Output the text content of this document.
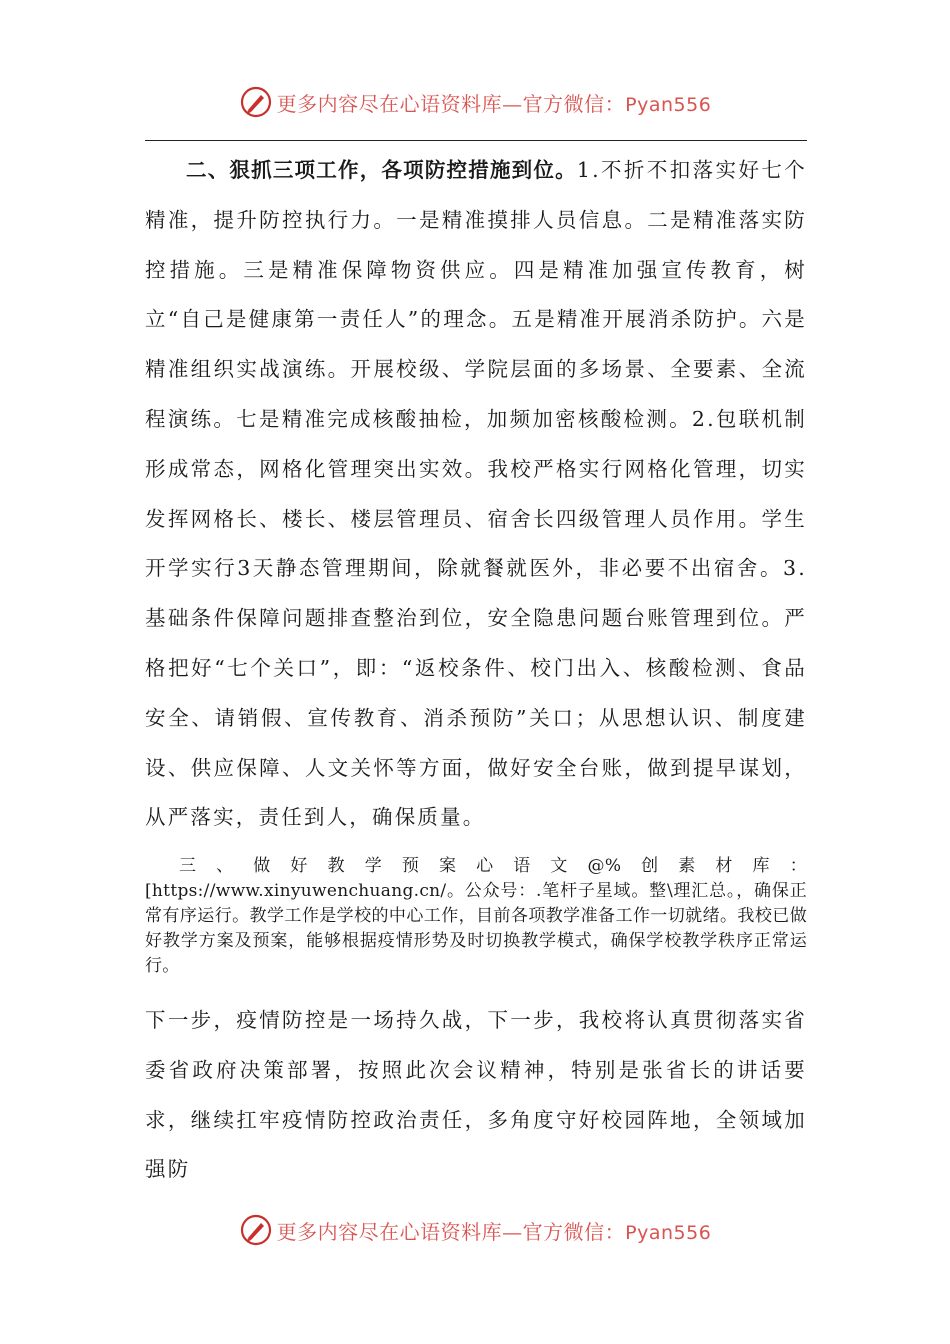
更多内容尽在心语资料库—官方微信：Pyan556

二、狠抓三项工作，各项防控措施到位。1.不折不扣落实好七个精准，提升防控执行力。一是精准摸排人员信息。二是精准落实防控措施。三是精准保障物资供应。四是精准加强宣传教育，树立“自己是健康第一责任人”的理念。五是精准开展消杀防护。六是精准组织实战演练。开展校级、学院层面的多场景、全要素、全流程演练。七是精准完成核酸抽检，加频加密核酸检测。2.包联机制形成常态，网格化管理突出实效。我校严格实行网格化管理，切实发挥网格长、楼长、楼层管理员、宿舍长四级管理人员作用。学生开学实行3天静态管理期间，除就餐就医外，非必要不出宿舍。3.基础条件保障问题排查整治到位，安全隐患问题台账管理到位。严格把好“七个关口”，即：“返校条件、校门出入、核酸检测、食品安全、请销假、宣传教育、消杀预防”关口；从思想认识、制度建设、供应保障、人文关怀等方面，做好安全台账，做到提早谋划，从严落实，责任到人，确保质量。

三、做好教学预案心语文@%创素材库：[https://www.xinyuwenchuang.cn/。公众号：.笔杆子星域。整\理汇总。，确保正常有序运行。教学工作是学校的中心工作，目前各项教学准备工作一切就绪。我校已做好教学方案及预案，能够根据疫情形势及时切换教学模式，确保学校教学秩序正常运行。

下一步，疫情防控是一场持久战，下一步，我校将认真贯彻落实省委省政府决策部署，按照此次会议精神，特别是张省长的讲话要求，继续扛牢疫情防控政治责任，多角度守好校园阵地，全领域加强防

更多内容尽在心语资料库—官方微信：Pyan556
